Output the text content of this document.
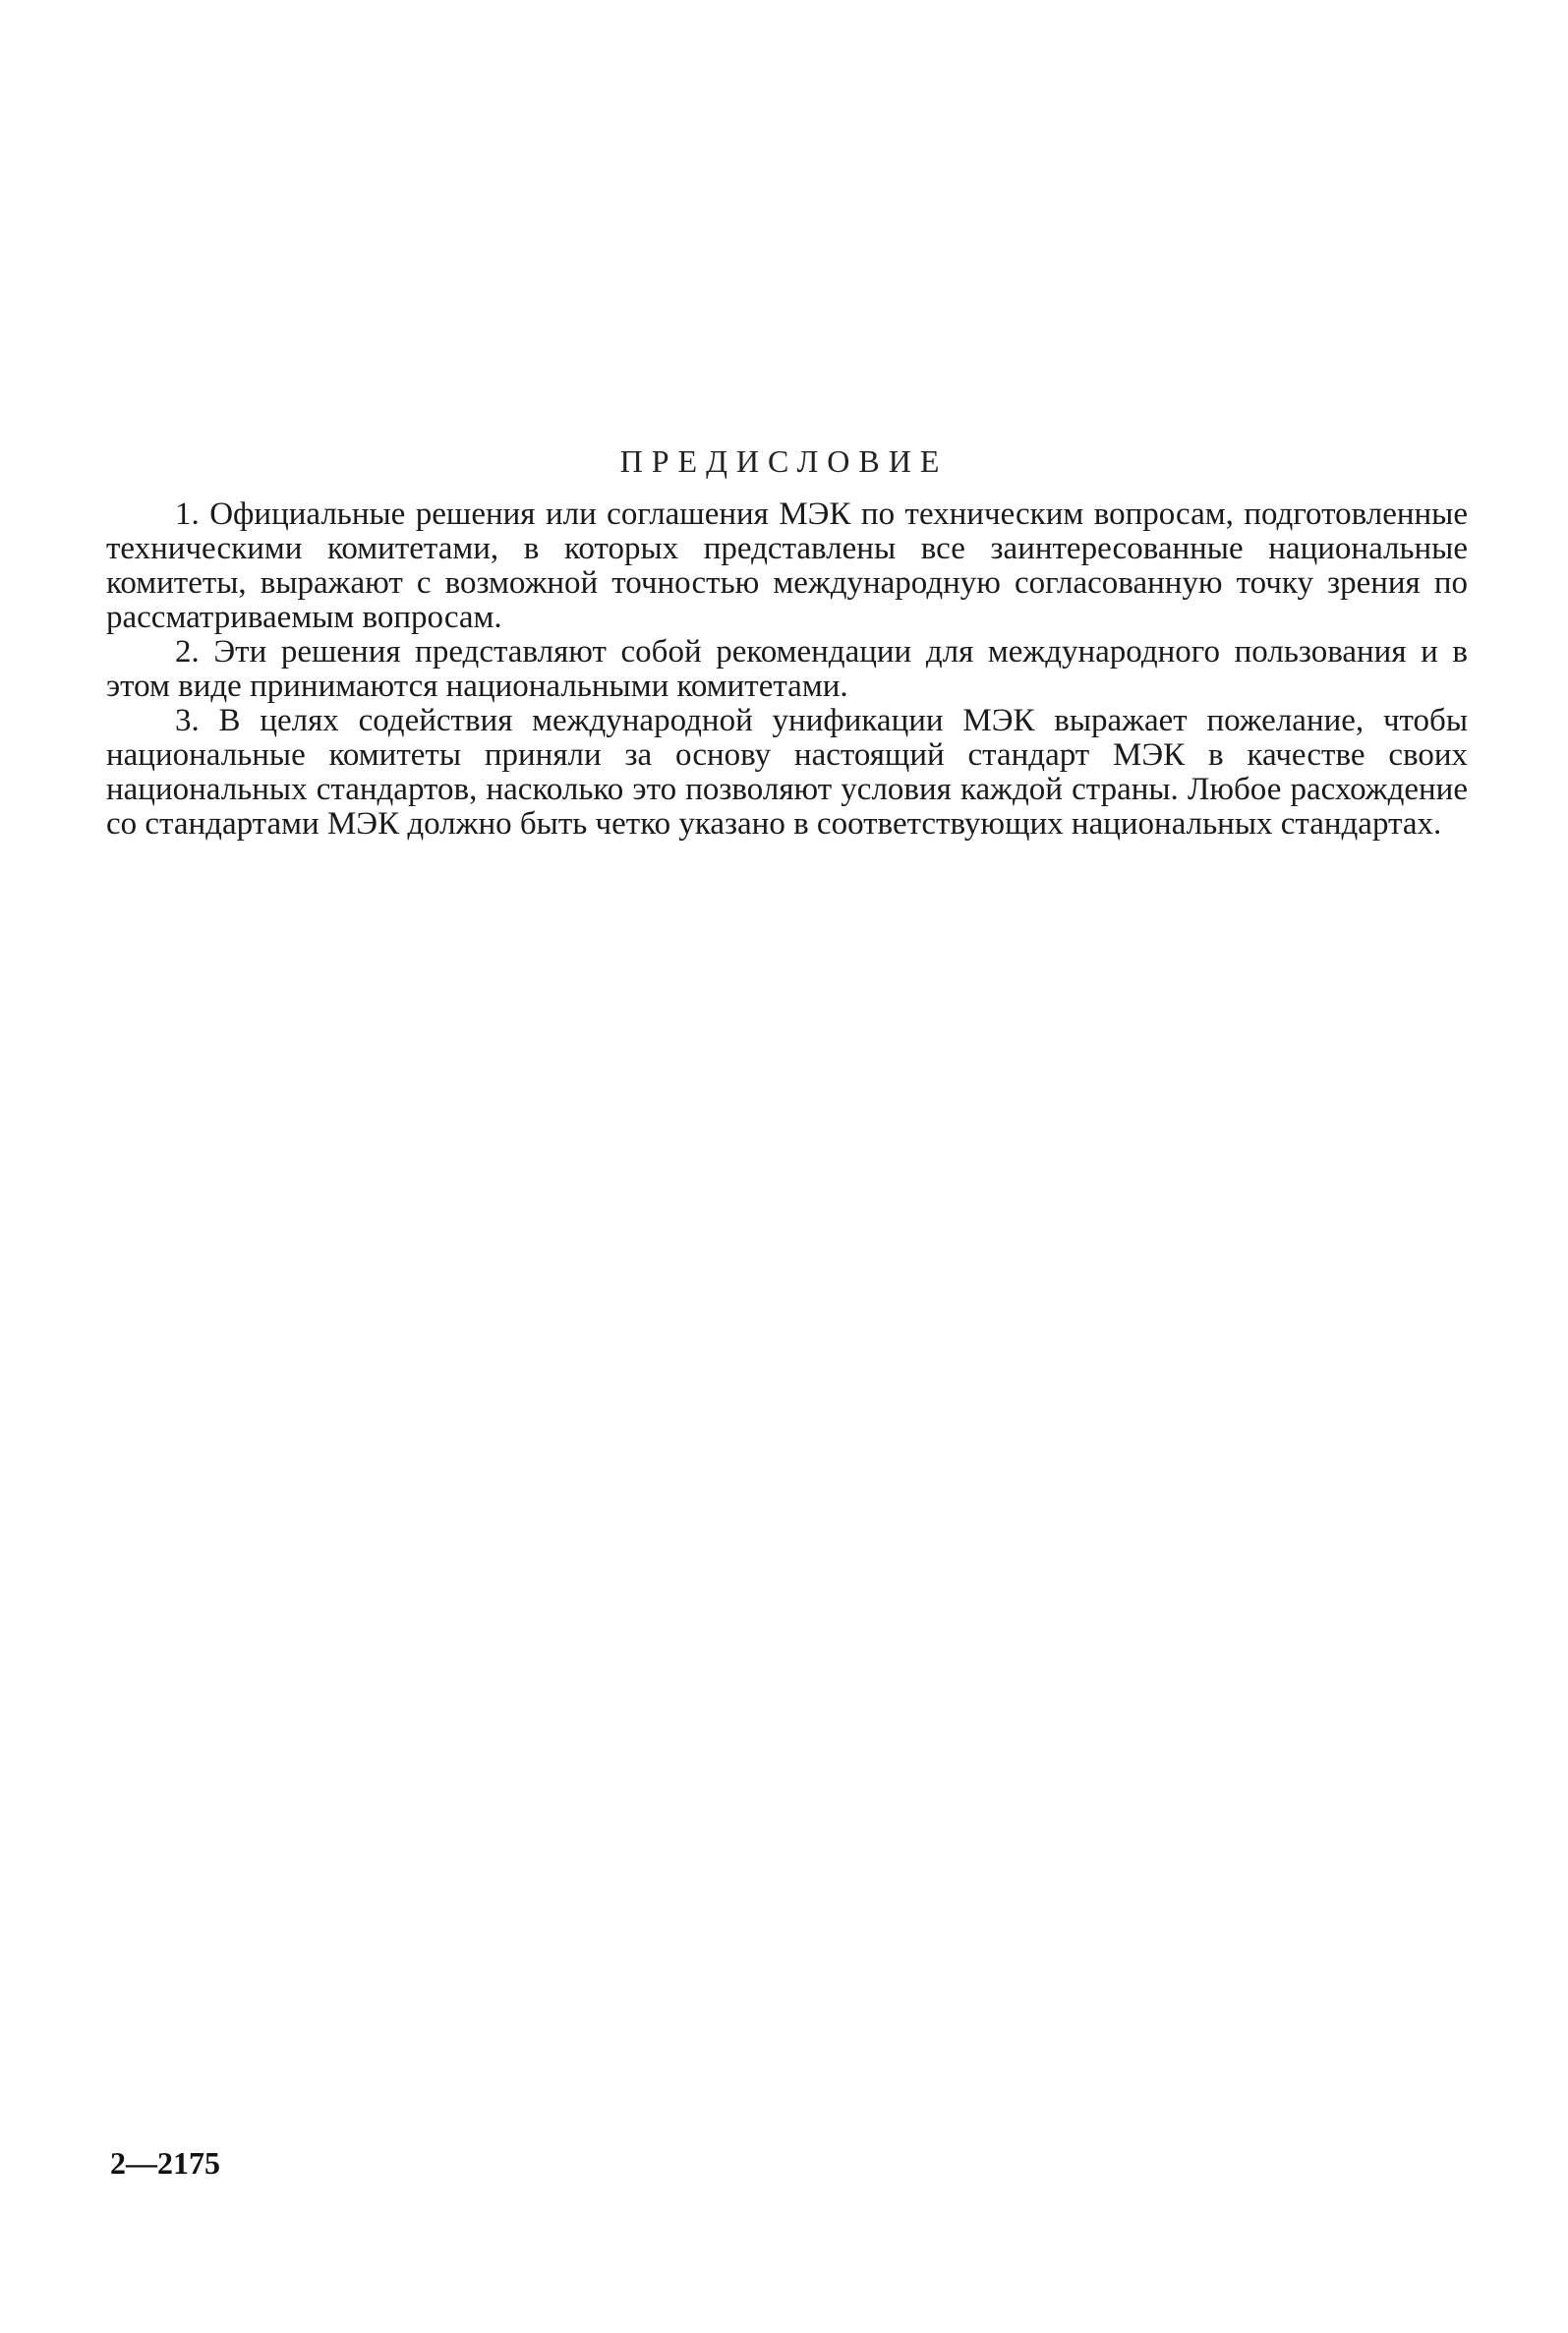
ПРЕДИСЛОВИЕ

1. Официальные решения или соглашения МЭК по техническим вопросам, подготовленные техническими комитетами, в которых представлены все заинтересованные национальные комитеты, выражают с возможной точностью международную согласованную точку зрения по рассматриваемым вопросам.

2. Эти решения представляют собой рекомендации для международного пользования и в этом виде принимаются национальными комитетами.

3. В целях содействия международной унификации МЭК выражает пожелание, чтобы национальные комитеты приняли за основу настоящий стандарт МЭК в качестве своих национальных стандартов, насколько это позволяют условия каждой страны. Любое расхождение со стандартами МЭК должно быть четко указано в соответствующих национальных стандартах.

2—2175
